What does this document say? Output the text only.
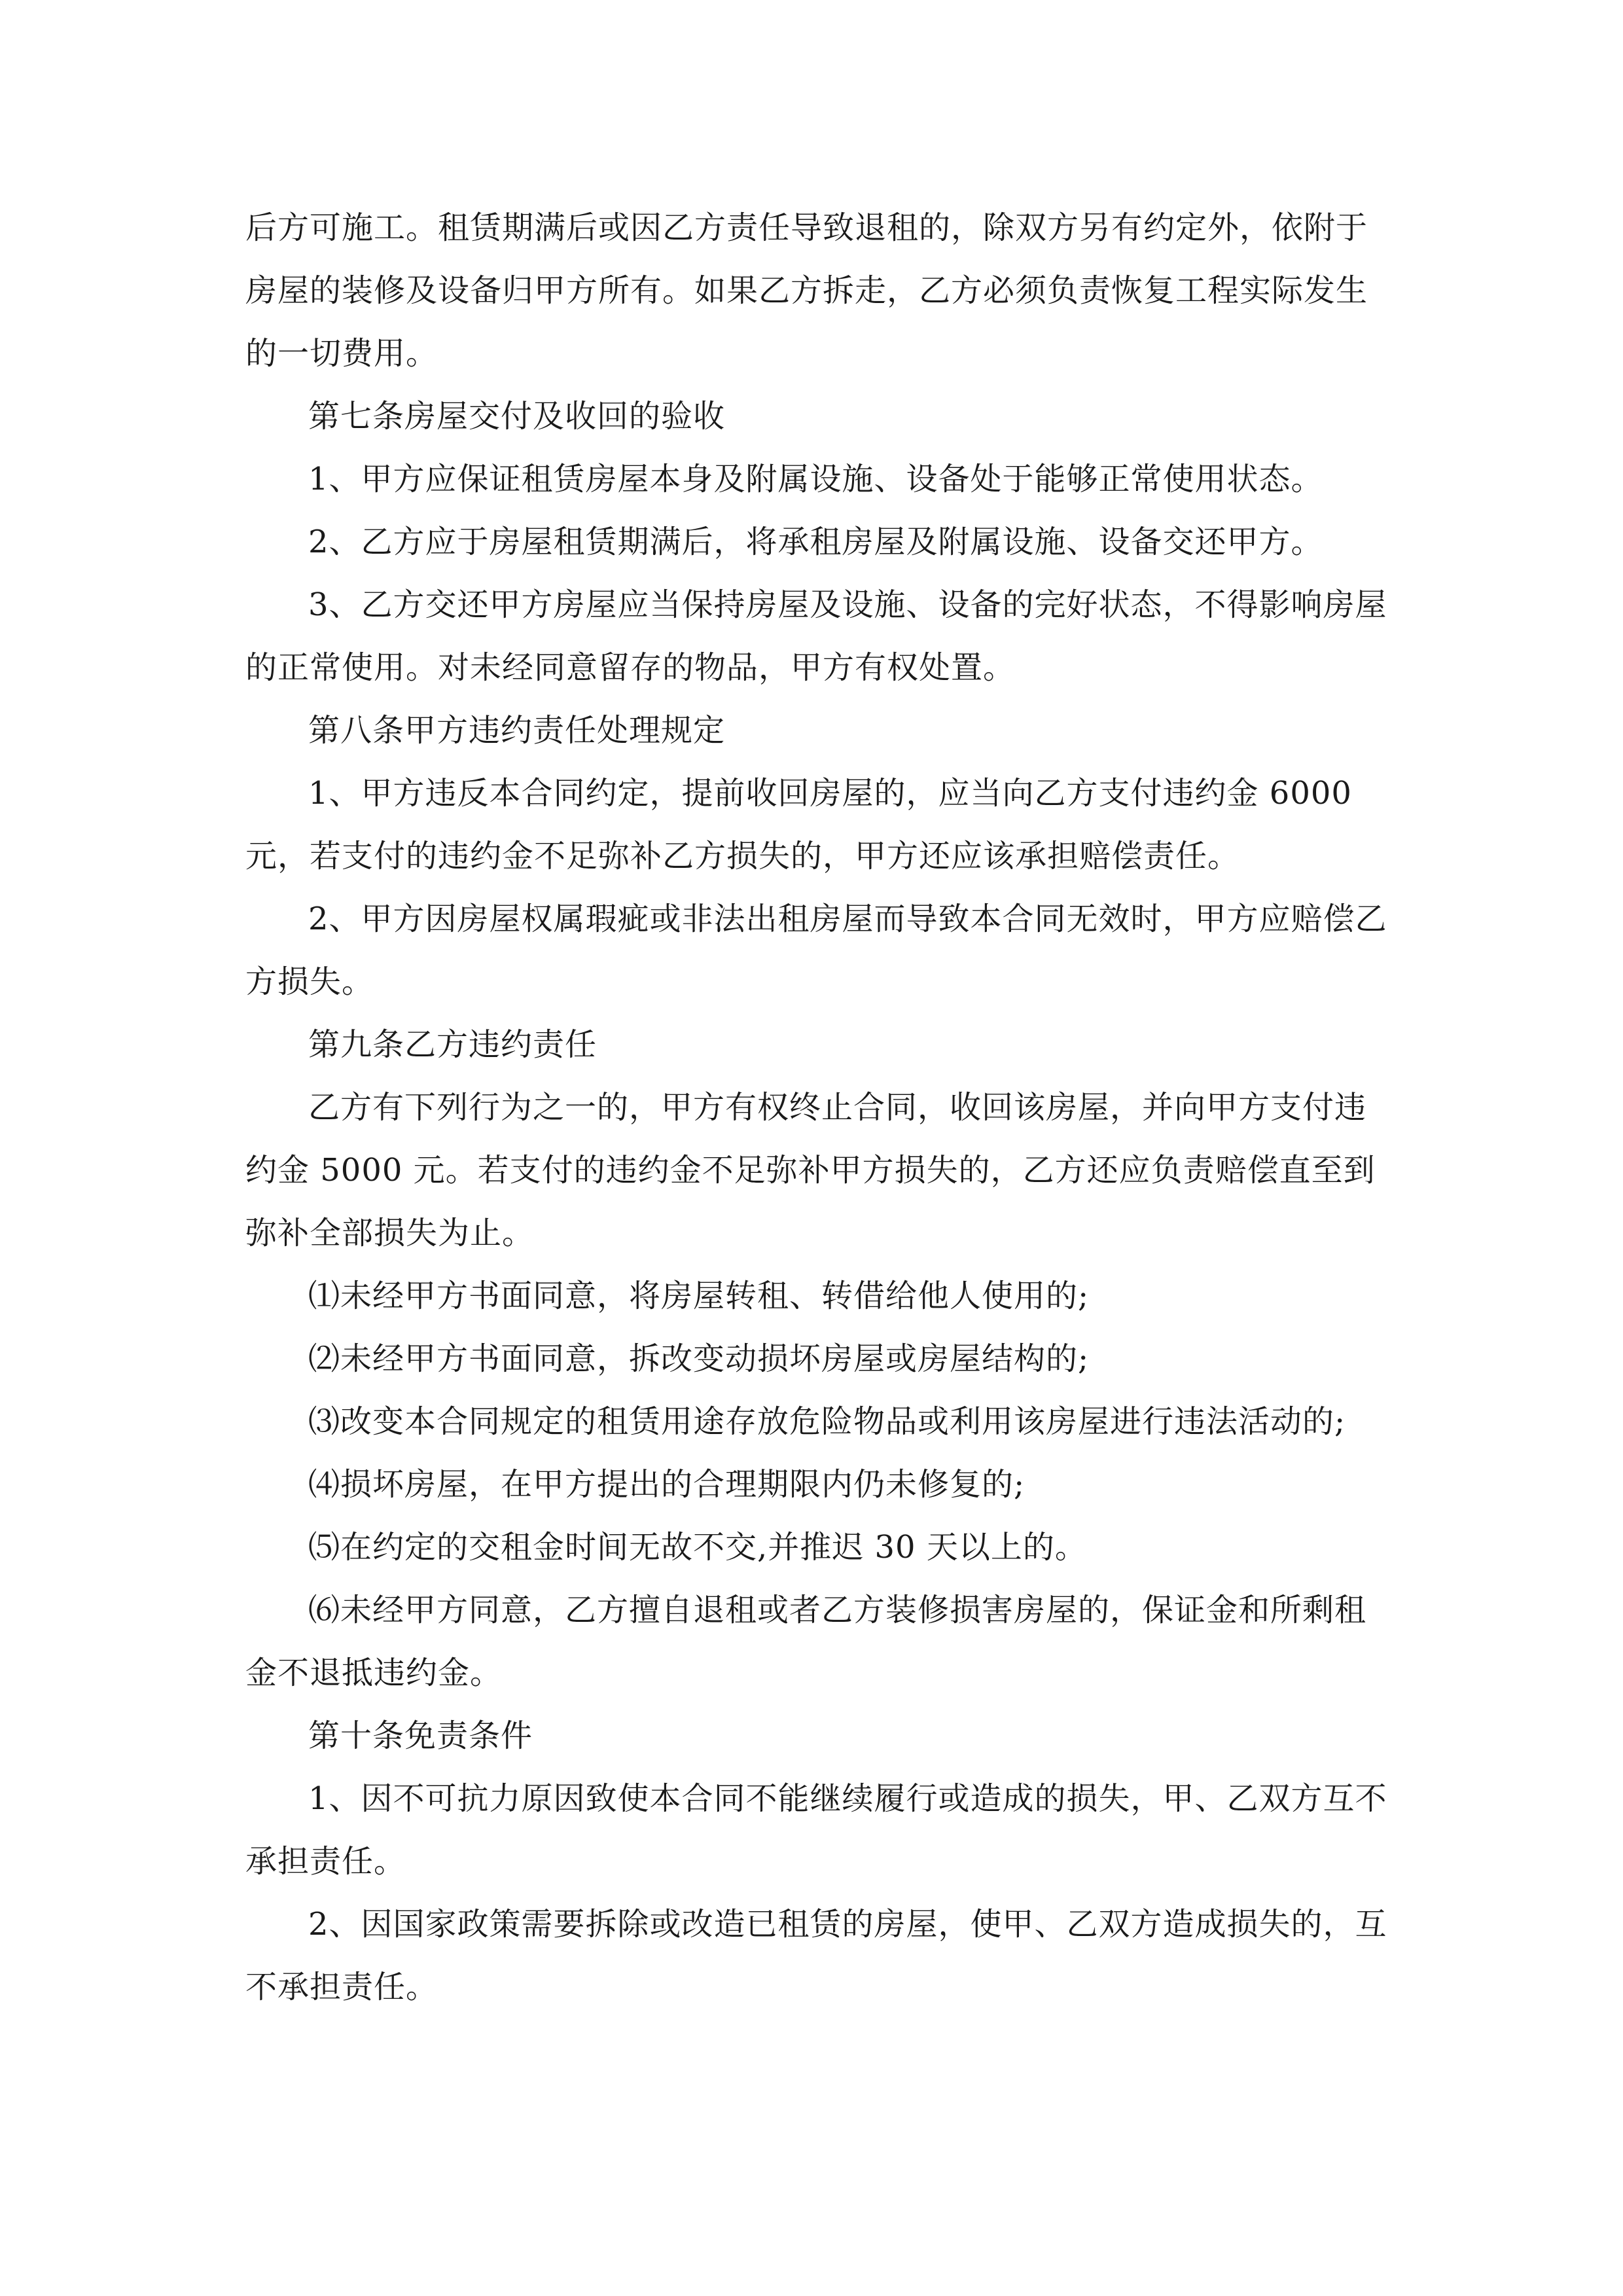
后方可施工。租赁期满后或因乙方责任导致退租的，除双方另有约定外，依附于房屋的装修及设备归甲方所有。如果乙方拆走，乙方必须负责恢复工程实际发生的一切费用。

第七条房屋交付及收回的验收

1、甲方应保证租赁房屋本身及附属设施、设备处于能够正常使用状态。

2、乙方应于房屋租赁期满后，将承租房屋及附属设施、设备交还甲方。

3、乙方交还甲方房屋应当保持房屋及设施、设备的完好状态，不得影响房屋的正常使用。对未经同意留存的物品，甲方有权处置。

第八条甲方违约责任处理规定

1、甲方违反本合同约定，提前收回房屋的，应当向乙方支付违约金 6000 元，若支付的违约金不足弥补乙方损失的，甲方还应该承担赔偿责任。

2、甲方因房屋权属瑕疵或非法出租房屋而导致本合同无效时，甲方应赔偿乙方损失。

第九条乙方违约责任

乙方有下列行为之一的，甲方有权终止合同，收回该房屋，并向甲方支付违约金 5000 元。若支付的违约金不足弥补甲方损失的，乙方还应负责赔偿直至到弥补全部损失为止。

⑴未经甲方书面同意，将房屋转租、转借给他人使用的;

⑵未经甲方书面同意，拆改变动损坏房屋或房屋结构的;

⑶改变本合同规定的租赁用途存放危险物品或利用该房屋进行违法活动的;

⑷损坏房屋，在甲方提出的合理期限内仍未修复的;

⑸在约定的交租金时间无故不交,并推迟 30 天以上的。

⑹未经甲方同意，乙方擅自退租或者乙方装修损害房屋的，保证金和所剩租金不退抵违约金。

第十条免责条件

1、因不可抗力原因致使本合同不能继续履行或造成的损失，甲、乙双方互不承担责任。

2、因国家政策需要拆除或改造已租赁的房屋，使甲、乙双方造成损失的，互不承担责任。
